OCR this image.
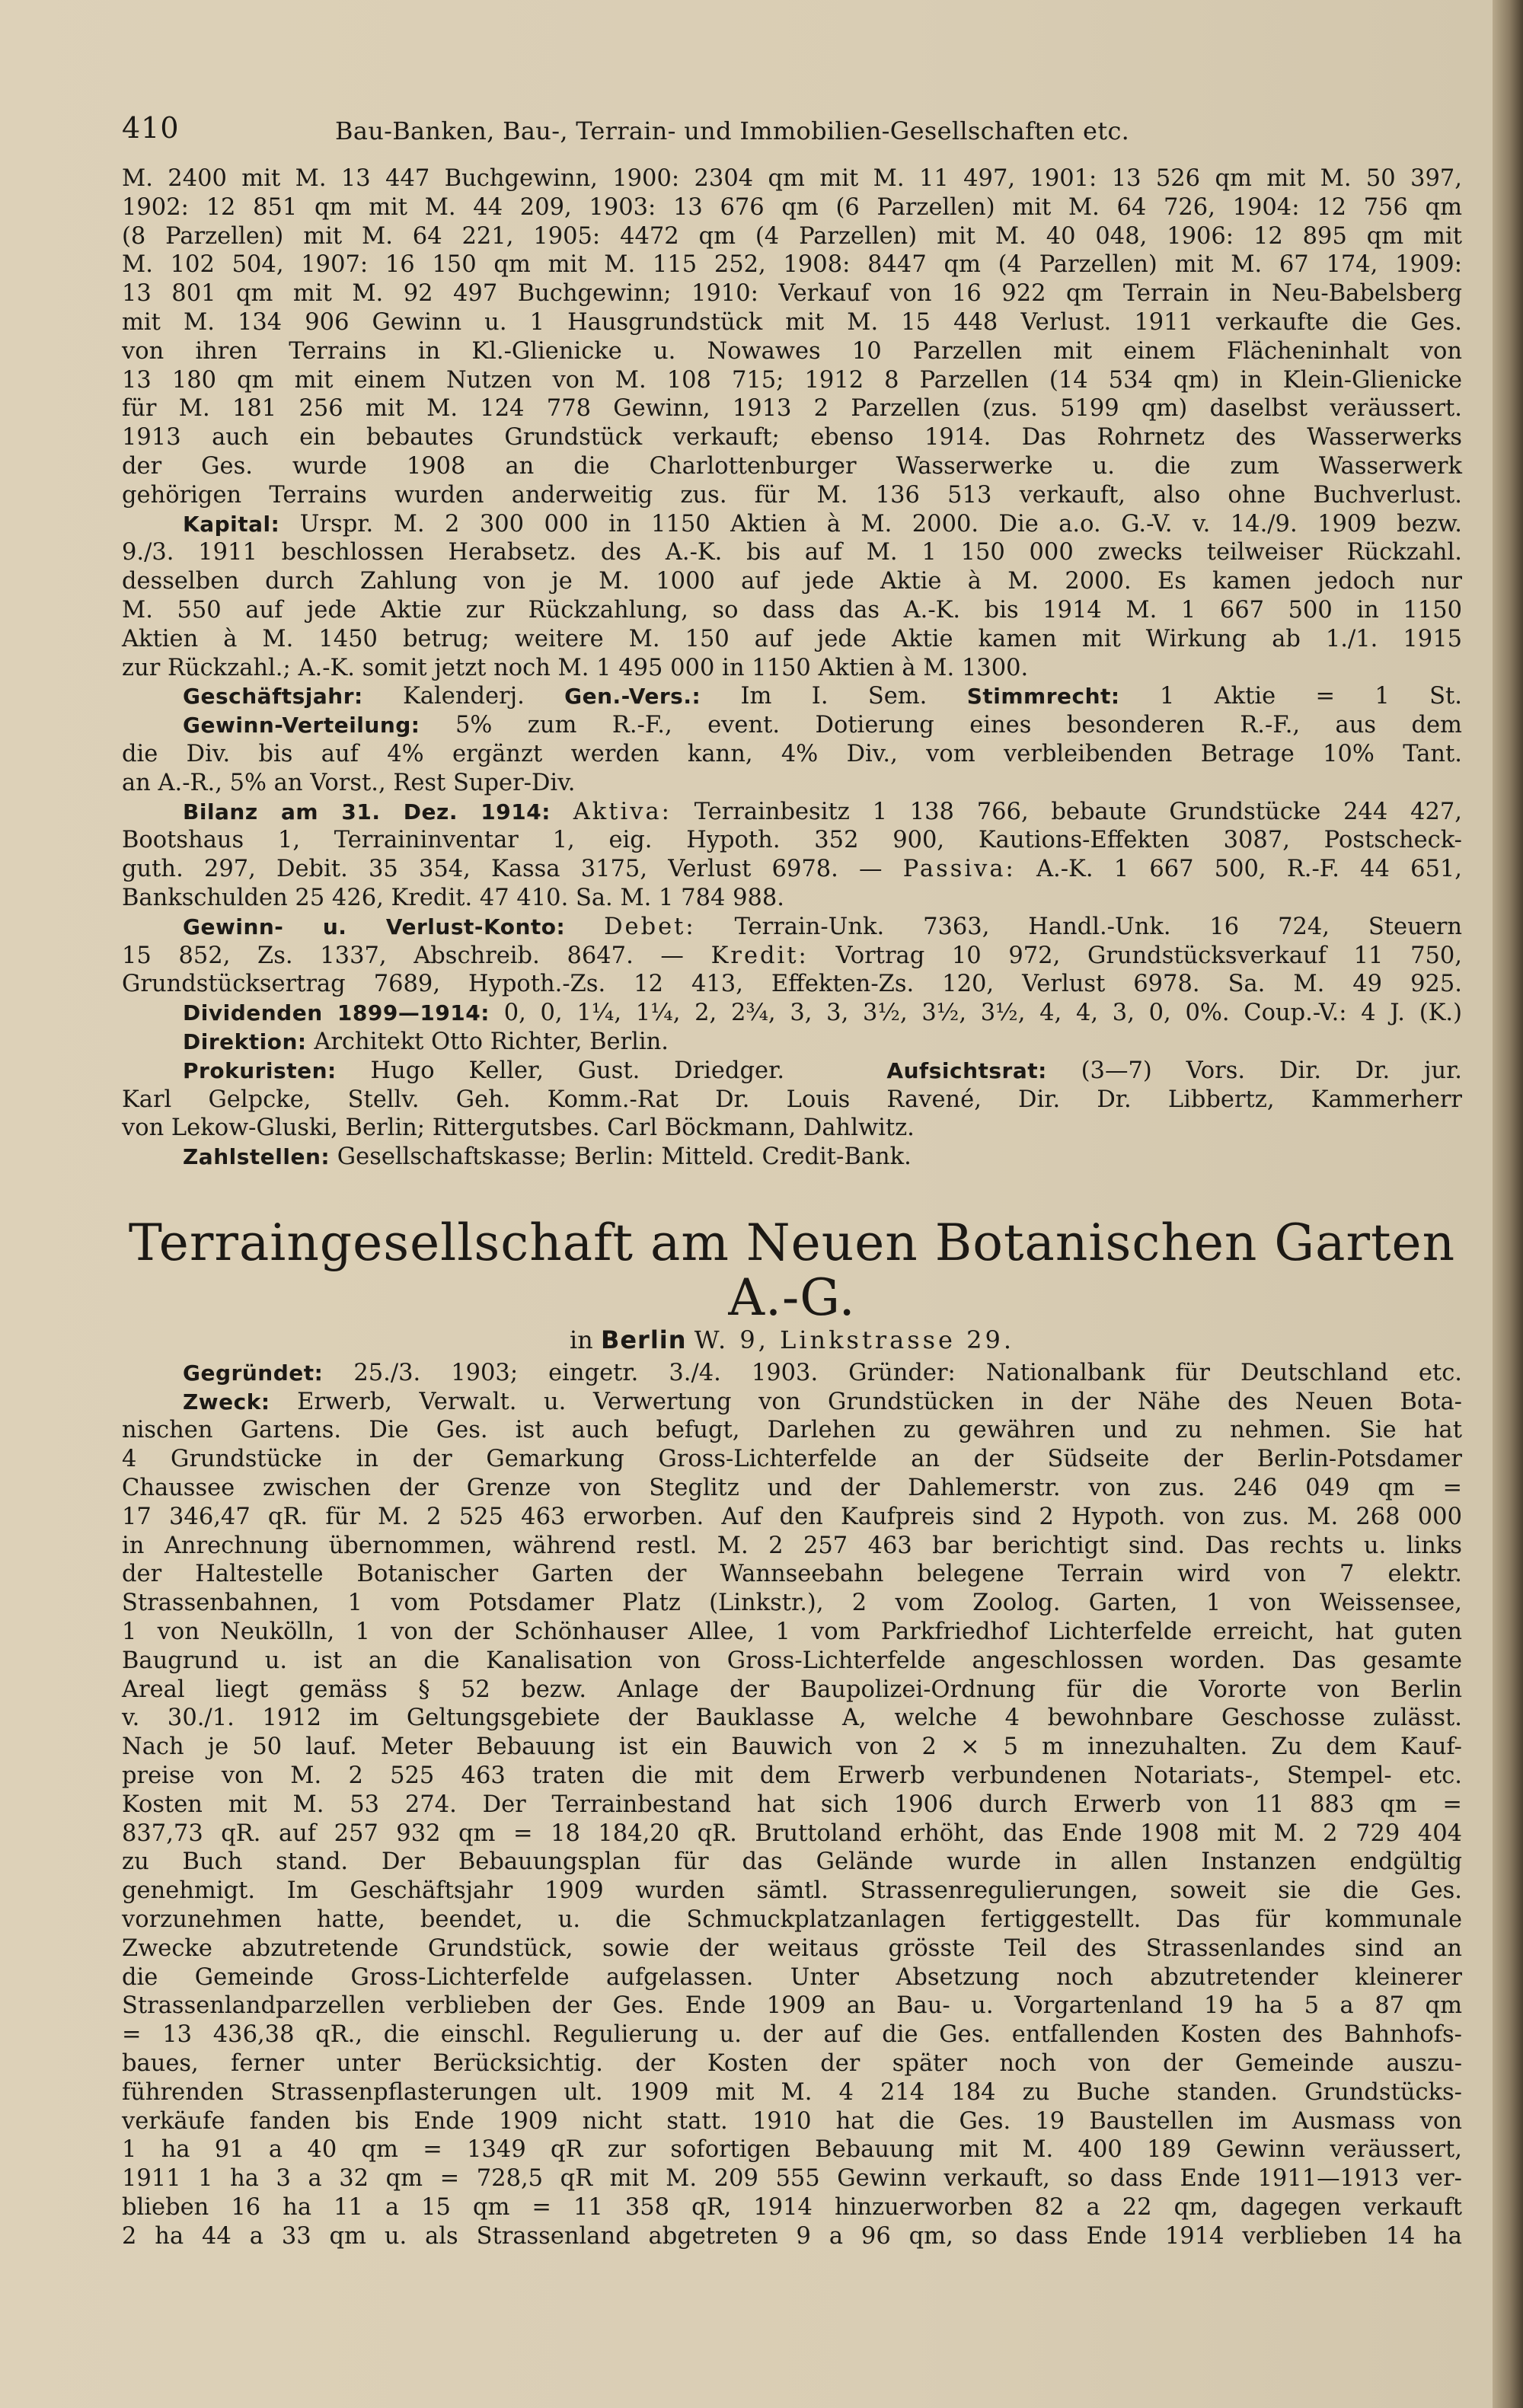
410	Bau-Banken, Bau-, Terrain- und Immobilien-Gesellschaften etc.
M. 2400 mit M. 13 447 Buchgewinn, 1900: 2304 qm mit M. 11 497, 1901: 13 526 qm mit M. 50 397,
1902: 12 851 qm mit M. 44 209, 1903: 13 676 qm (6 Parzellen) mit M. 64 726, 1904: 12 756 qm
(8 Parzellen) mit M. 64 221, 1905: 4472 qm (4 Parzellen) mit M. 40 048, 1906: 12 895 qm mit
M. 102 504, 1907: 16 150 qm mit M. 115 252, 1908: 8447 qm (4 Parzellen) mit M. 67 174, 1909:
13 801 qm mit M. 92 497 Buchgewinn; 1910: Verkauf von 16 922 qm Terrain in Neu-Babelsberg
mit M. 134 906 Gewinn u. 1 Hausgrundstück mit M. 15 448 Verlust. 1911 verkaufte die Ges.
von ihren Terrains in Kl.-Glienicke u. Nowawes 10 Parzellen mit einem Flächeninhalt von
13 180 qm mit einem Nutzen von M. 108 715; 1912 8 Parzellen (14 534 qm) in Klein-Glienicke
für M. 181 256 mit M. 124 778 Gewinn, 1913 2 Parzellen (zus. 5199 qm) daselbst veräussert.
1913 auch ein bebautes Grundstück verkauft; ebenso 1914. Das Rohrnetz des Wasserwerks
der Ges. wurde 1908 an die Charlottenburger Wasserwerke u. die zum Wasserwerk
gehörigen Terrains wurden anderweitig zus. für M. 136 513 verkauft, also ohne Buchverlust.
Kapital: Urspr. M. 2 300 000 in 1150 Aktien à M. 2000. Die a.o. G.-V. v. 14./9. 1909 bezw.
9./3. 1911 beschlossen Herabsetz. des A.-K. bis auf M. 1 150 000 zwecks teilweiser Rückzahl.
desselben durch Zahlung von je M. 1000 auf jede Aktie à M. 2000. Es kamen jedoch nur
M. 550 auf jede Aktie zur Rückzahlung, so dass das A.-K. bis 1914 M. 1 667 500 in 1150
Aktien à M. 1450 betrug; weitere M. 150 auf jede Aktie kamen mit Wirkung ab 1./1. 1915
zur Rückzahl.; A.-K. somit jetzt noch M. 1 495 000 in 1150 Aktien à M. 1300.
Geschäftsjahr: Kalenderj. Gen.-Vers.: Im I. Sem. Stimmrecht: 1 Aktie = 1 St.
Gewinn-Verteilung: 5% zum R.-F., event. Dotierung eines besonderen R.-F., aus dem
die Div. bis auf 4% ergänzt werden kann, 4% Div., vom verbleibenden Betrage 10% Tant.
an A.-R., 5% an Vorst., Rest Super-Div.
Bilanz am 31. Dez. 1914: Aktiva: Terrainbesitz 1 138 766, bebaute Grundstücke 244 427,
Bootshaus 1, Terraininventar 1, eig. Hypoth. 352 900, Kautions-Effekten 3087, Postscheck-
guth. 297, Debit. 35 354, Kassa 3175, Verlust 6978. — Passiva: A.-K. 1 667 500, R.-F. 44 651,
Bankschulden 25 426, Kredit. 47 410. Sa. M. 1 784 988.
Gewinn- u. Verlust-Konto: Debet: Terrain-Unk. 7363, Handl.-Unk. 16 724, Steuern
15 852, Zs. 1337, Abschreib. 8647. — Kredit: Vortrag 10 972, Grundstücksverkauf 11 750,
Grundstücksertrag 7689, Hypoth.-Zs. 12 413, Effekten-Zs. 120, Verlust 6978. Sa. M. 49 925.
Dividenden 1899—1914: 0, 0, 1¼, 1¼, 2, 2¾, 3, 3, 3½, 3½, 3½, 4, 4, 3, 0, 0%. Coup.-V.: 4 J. (K.)
Direktion: Architekt Otto Richter, Berlin.
Prokuristen: Hugo Keller, Gust. Driedger.	Aufsichtsrat: (3—7) Vors. Dir. Dr. jur.
Karl Gelpcke, Stellv. Geh. Komm.-Rat Dr. Louis Ravené, Dir. Dr. Libbertz, Kammerherr
von Lekow-Gluski, Berlin; Rittergutsbes. Carl Böckmann, Dahlwitz.
Zahlstellen: Gesellschaftskasse; Berlin: Mitteld. Credit-Bank.
Terraingesellschaft am Neuen Botanischen Garten A.-G.
in Berlin W. 9, Linkstrasse 29.
Gegründet: 25./3. 1903; eingetr. 3./4. 1903. Gründer: Nationalbank für Deutschland etc.
Zweck: Erwerb, Verwalt. u. Verwertung von Grundstücken in der Nähe des Neuen Bota-
nischen Gartens. Die Ges. ist auch befugt, Darlehen zu gewähren und zu nehmen. Sie hat
4 Grundstücke in der Gemarkung Gross-Lichterfelde an der Südseite der Berlin-Potsdamer
Chaussee zwischen der Grenze von Steglitz und der Dahlemerstr. von zus. 246 049 qm =
17 346,47 qR. für M. 2 525 463 erworben. Auf den Kaufpreis sind 2 Hypoth. von zus. M. 268 000
in Anrechnung übernommen, während restl. M. 2 257 463 bar berichtigt sind. Das rechts u. links
der Haltestelle Botanischer Garten der Wannseebahn belegene Terrain wird von 7 elektr.
Strassenbahnen, 1 vom Potsdamer Platz (Linkstr.), 2 vom Zoolog. Garten, 1 von Weissensee,
1 von Neukölln, 1 von der Schönhauser Allee, 1 vom Parkfriedhof Lichterfelde erreicht, hat guten
Baugrund u. ist an die Kanalisation von Gross-Lichterfelde angeschlossen worden. Das gesamte
Areal liegt gemäss § 52 bezw. Anlage der Baupolizei-Ordnung für die Vororte von Berlin
v. 30./1. 1912 im Geltungsgebiete der Bauklasse A, welche 4 bewohnbare Geschosse zulässt.
Nach je 50 lauf. Meter Bebauung ist ein Bauwich von 2 × 5 m innezuhalten. Zu dem Kauf-
preise von M. 2 525 463 traten die mit dem Erwerb verbundenen Notariats-, Stempel- etc.
Kosten mit M. 53 274. Der Terrainbestand hat sich 1906 durch Erwerb von 11 883 qm =
837,73 qR. auf 257 932 qm = 18 184,20 qR. Bruttoland erhöht, das Ende 1908 mit M. 2 729 404
zu Buch stand. Der Bebauungsplan für das Gelände wurde in allen Instanzen endgültig
genehmigt. Im Geschäftsjahr 1909 wurden sämtl. Strassenregulierungen, soweit sie die Ges.
vorzunehmen hatte, beendet, u. die Schmuckplatzanlagen fertiggestellt. Das für kommunale
Zwecke abzutretende Grundstück, sowie der weitaus grösste Teil des Strassenlandes sind an
die Gemeinde Gross-Lichterfelde aufgelassen. Unter Absetzung noch abzutretender kleinerer
Strassenlandparzellen verblieben der Ges. Ende 1909 an Bau- u. Vorgartenland 19 ha 5 a 87 qm
= 13 436,38 qR., die einschl. Regulierung u. der auf die Ges. entfallenden Kosten des Bahnhofs-
baues, ferner unter Berücksichtig. der Kosten der später noch von der Gemeinde auszu-
führenden Strassenpflasterungen ult. 1909 mit M. 4 214 184 zu Buche standen. Grundstücks-
verkäufe fanden bis Ende 1909 nicht statt. 1910 hat die Ges. 19 Baustellen im Ausmass von
1 ha 91 a 40 qm = 1349 qR zur sofortigen Bebauung mit M. 400 189 Gewinn veräussert,
1911 1 ha 3 a 32 qm = 728,5 qR mit M. 209 555 Gewinn verkauft, so dass Ende 1911—1913 ver-
blieben 16 ha 11 a 15 qm = 11 358 qR, 1914 hinzuerworben 82 a 22 qm, dagegen verkauft
2 ha 44 a 33 qm u. als Strassenland abgetreten 9 a 96 qm, so dass Ende 1914 verblieben 14 ha
